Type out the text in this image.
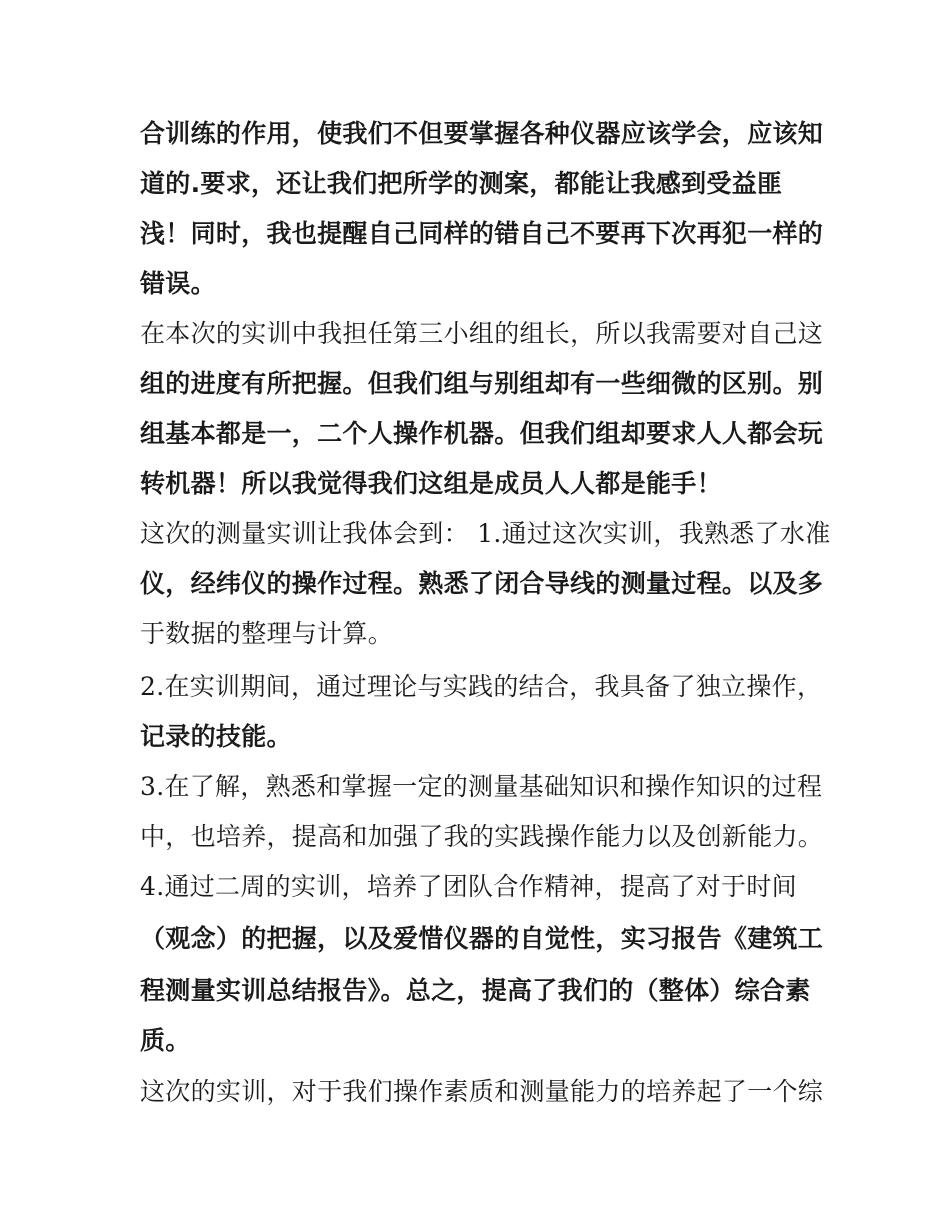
合训练的作用，使我们不但要掌握各种仪器应该学会，应该知
道的.要求，还让我们把所学的测案，都能让我感到受益匪
浅！同时，我也提醒自己同样的错自己不要再下次再犯一样的
错误。
在本次的实训中我担任第三小组的组长，所以我需要对自己这
组的进度有所把握。但我们组与别组却有一些细微的区别。别
组基本都是一，二个人操作机器。但我们组却要求人人都会玩
转机器！所以我觉得我们这组是成员人人都是能手！
这次的测量实训让我体会到： 1.通过这次实训，我熟悉了水准
仪，经纬仪的操作过程。熟悉了闭合导线的测量过程。以及多
于数据的整理与计算。
2.在实训期间，通过理论与实践的结合，我具备了独立操作，
记录的技能。
3.在了解，熟悉和掌握一定的测量基础知识和操作知识的过程
中，也培养，提高和加强了我的实践操作能力以及创新能力。
4.通过二周的实训，培养了团队合作精神，提高了对于时间
（观念）的把握，以及爱惜仪器的自觉性，实习报告《建筑工
程测量实训总结报告》。总之，提高了我们的（整体）综合素
质。
这次的实训，对于我们操作素质和测量能力的培养起了一个综
